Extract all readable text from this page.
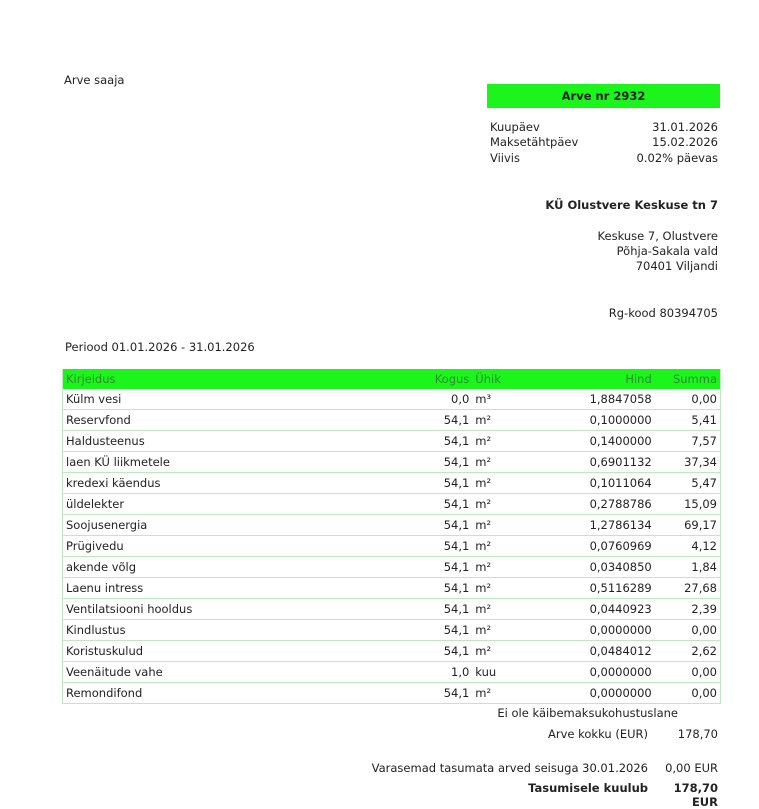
Arve saaja
Arve nr 2932
Kuupäev	31.01.2026
Maksetähtpäev	15.02.2026
Viivis	0.02% päevas
KÜ Olustvere Keskuse tn 7
Keskuse 7, Olustvere
Põhja-Sakala vald
70401 Viljandi
Rg-kood 80394705
Periood 01.01.2026 - 31.01.2026
Kirjeldus	Kogus	Ühik	Hind	Summa
Külm vesi	0,0	m³	1,8847058	0,00
Reservfond	54,1	m²	0,1000000	5,41
Haldusteenus	54,1	m²	0,1400000	7,57
laen KÜ liikmetele	54,1	m²	0,6901132	37,34
kredexi käendus	54,1	m²	0,1011064	5,47
üldelekter	54,1	m²	0,2788786	15,09
Soojusenergia	54,1	m²	1,2786134	69,17
Prügivedu	54,1	m²	0,0760969	4,12
akende võlg	54,1	m²	0,0340850	1,84
Laenu intress	54,1	m²	0,5116289	27,68
Ventilatsiooni hooldus	54,1	m²	0,0440923	2,39
Kindlustus	54,1	m²	0,0000000	0,00
Koristuskulud	54,1	m²	0,0484012	2,62
Veenäitude vahe	1,0	kuu	0,0000000	0,00
Remondifond	54,1	m²	0,0000000	0,00
Ei ole käibemaksukohustuslane
Arve kokku (EUR)	178,70
Varasemad tasumata arved seisuga 30.01.2026	0,00 EUR
Tasumisele kuulub	178,70 EUR
